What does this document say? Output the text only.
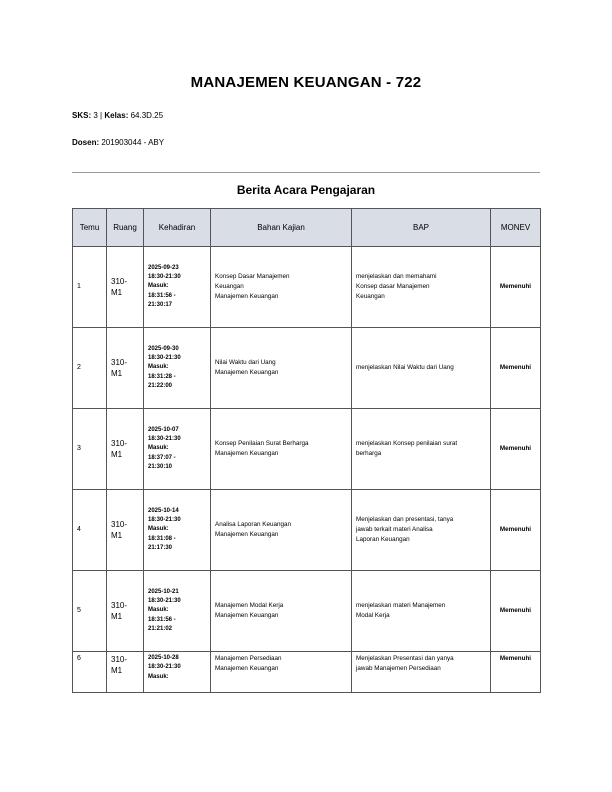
MANAJEMEN KEUANGAN - 722
SKS: 3 | Kelas: 64.3D.25
Dosen: 201903044 - ABY
Berita Acara Pengajaran
Temu	Ruang	Kehadiran	Bahan Kajian	BAP	MONEV
1	310-
M1	2025-09-23
18:30-21:30
Masuk:
18:31:56 -
21:30:17	Konsep Dasar Manajemen
Keuangan
Manajemen Keuangan	menjelaskan dan memahami
Konsep dasar Manajemen
Keuangan	Memenuhi
2	310-
M1	2025-09-30
18:30-21:30
Masuk:
18:31:28 -
21:22:00	Nilai Waktu dari Uang
Manajemen Keuangan	menjelaskan Nilai Waktu dari Uang	Memenuhi
3	310-
M1	2025-10-07
18:30-21:30
Masuk:
18:37:07 -
21:30:10	Konsep Penilaian Surat Berharga
Manajemen Keuangan	menjelaskan Konsep penilaian surat
berharga	Memenuhi
4	310-
M1	2025-10-14
18:30-21:30
Masuk:
18:31:08 -
21:17:30	Analisa Laporan Keuangan
Manajemen Keuangan	Menjelaskan dan presentasi, tanya
jawab terkait materi Analisa
Laporan Keuangan	Memenuhi
5	310-
M1	2025-10-21
18:30-21:30
Masuk:
18:31:56 -
21:21:02	Manajemen Modal Kerja
Manajemen Keuangan	menjelaskan materi Manajemen
Modal Kerja	Memenuhi
6	310-
M1	2025-10-28
18:30-21:30
Masuk:	Manajemen Persediaan
Manajemen Keuangan	Menjelaskan Presentasi dan yanya
jawab Manajemen Persediaan	Memenuhi
